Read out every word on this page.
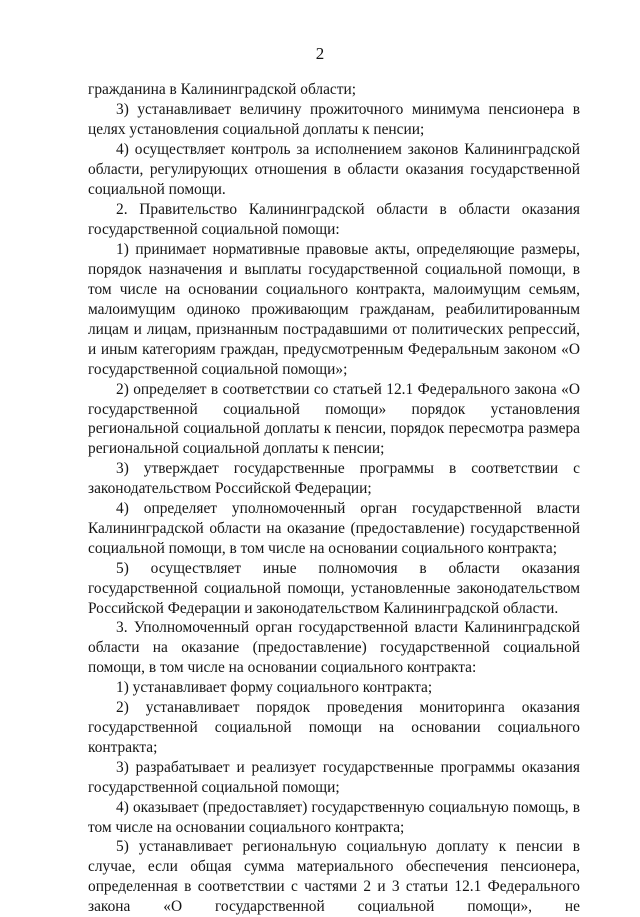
2

гражданина в Калининградской области;

3) устанавливает величину прожиточного минимума пенсионера в целях установления социальной доплаты к пенсии;

4) осуществляет контроль за исполнением законов Калининградской области, регулирующих отношения в области оказания государственной социальной помощи.

2. Правительство Калининградской области в области оказания государственной социальной помощи:

1) принимает нормативные правовые акты, определяющие размеры, порядок назначения и выплаты государственной социальной помощи, в том числе на основании социального контракта, малоимущим семьям, малоимущим одиноко проживающим гражданам, реабилитированным лицам и лицам, признанным пострадавшими от политических репрессий, и иным категориям граждан, предусмотренным Федеральным законом «О государственной социальной помощи»;

2) определяет в соответствии со статьей 12.1 Федерального закона «О государственной социальной помощи» порядок установления региональной социальной доплаты к пенсии, порядок пересмотра размера региональной социальной доплаты к пенсии;

3) утверждает государственные программы в соответствии с законодательством Российской Федерации;

4) определяет уполномоченный орган государственной власти Калининградской области на оказание (предоставление) государственной социальной помощи, в том числе на основании социального контракта;

5) осуществляет иные полномочия в области оказания государственной социальной помощи, установленные законодательством Российской Федерации и законодательством Калининградской области.

3. Уполномоченный орган государственной власти Калининградской области на оказание (предоставление) государственной социальной помощи, в том числе на основании социального контракта:

1) устанавливает форму социального контракта;

2) устанавливает порядок проведения мониторинга оказания государственной социальной помощи на основании социального контракта;

3) разрабатывает и реализует государственные программы оказания государственной социальной помощи;

4) оказывает (предоставляет) государственную социальную помощь, в том числе на основании социального контракта;

5) устанавливает региональную социальную доплату к пенсии в случае, если общая сумма материального обеспечения пенсионера, определенная в соответствии с частями 2 и 3 статьи 12.1 Федерального закона «О государственной социальной помощи», не
